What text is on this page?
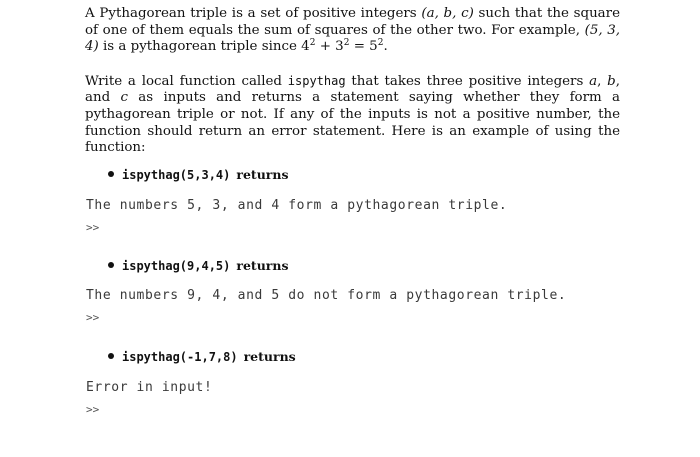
A Pythagorean triple is a set of positive integers (a, b, c) such that the square of one of them equals the sum of squares of the other two. For example, (5, 3, 4) is a pythagorean triple since $4^2 + 3^2 = 5^2$.

Write a local function called ispythag that takes three positive integers a, b, and c as inputs and returns a statement saying whether they form a pythagorean triple or not. If any of the inputs is not a positive number, the function should return an error statement. Here is an example of using the function:

ispythag(5,3,4) returns
The numbers 5, 3, and 4 form a pythagorean triple.
>>
ispythag(9,4,5) returns
The numbers 9, 4, and 5 do not form a pythagorean triple.
>>
ispythag(-1,7,8) returns
Error in input!
>>
